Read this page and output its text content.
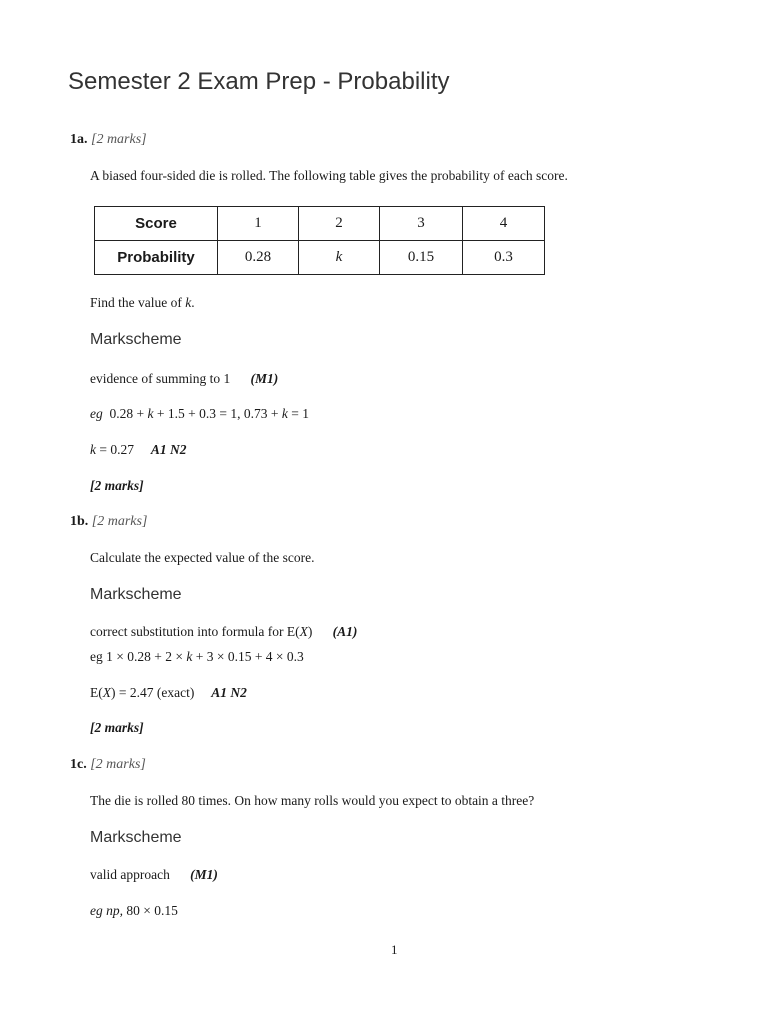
Semester 2 Exam Prep - Probability
1a. [2 marks]
A biased four-sided die is rolled. The following table gives the probability of each score.
Score	1	2	3	4
Probability	0.28	k	0.15	0.3
Find the value of k.
Markscheme
evidence of summing to 1 (M1)
eg 0.28 + k + 1.5 + 0.3 = 1, 0.73 + k = 1
k = 0.27 A1 N2
[2 marks]
1b. [2 marks]
Calculate the expected value of the score.
Markscheme
correct substitution into formula for E(X) (A1)
eg 1 × 0.28 + 2 × k + 3 × 0.15 + 4 × 0.3
E(X) = 2.47 (exact) A1 N2
[2 marks]
1c. [2 marks]
The die is rolled 80 times. On how many rolls would you expect to obtain a three?
Markscheme
valid approach (M1)
eg np, 80 × 0.15
1
